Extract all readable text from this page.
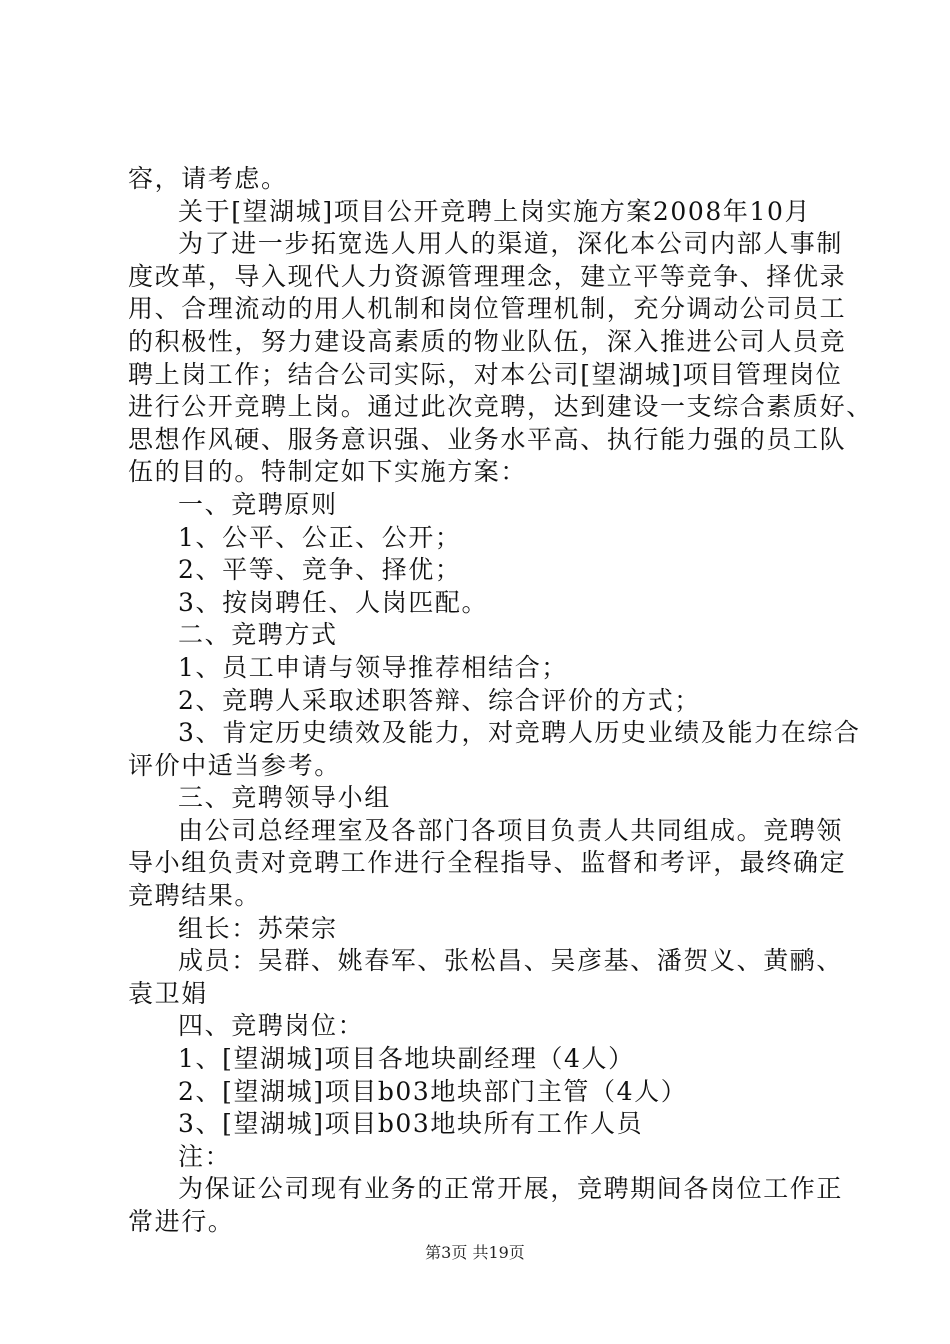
容，请考虑。
关于[望湖城]项目公开竞聘上岗实施方案2008年10月
为了进一步拓宽选人用人的渠道，深化本公司内部人事制
度改革，导入现代人力资源管理理念，建立平等竞争、择优录
用、合理流动的用人机制和岗位管理机制，充分调动公司员工
的积极性，努力建设高素质的物业队伍，深入推进公司人员竞
聘上岗工作；结合公司实际，对本公司[望湖城]项目管理岗位
进行公开竞聘上岗。通过此次竞聘，达到建设一支综合素质好、
思想作风硬、服务意识强、业务水平高、执行能力强的员工队
伍的目的。特制定如下实施方案：
一、竞聘原则
1、公平、公正、公开；
2、平等、竞争、择优；
3、按岗聘任、人岗匹配。
二、竞聘方式
1、员工申请与领导推荐相结合；
2、竞聘人采取述职答辩、综合评价的方式；
3、肯定历史绩效及能力，对竞聘人历史业绩及能力在综合
评价中适当参考。
三、竞聘领导小组
由公司总经理室及各部门各项目负责人共同组成。竞聘领
导小组负责对竞聘工作进行全程指导、监督和考评，最终确定
竞聘结果。
组长：苏荣宗
成员：吴群、姚春军、张松昌、吴彦基、潘贺义、黄鹂、
袁卫娟
四、竞聘岗位：
1、[望湖城]项目各地块副经理（4人）
2、[望湖城]项目b03地块部门主管（4人）
3、[望湖城]项目b03地块所有工作人员
注：
为保证公司现有业务的正常开展，竞聘期间各岗位工作正
常进行。
第3页 共19页
